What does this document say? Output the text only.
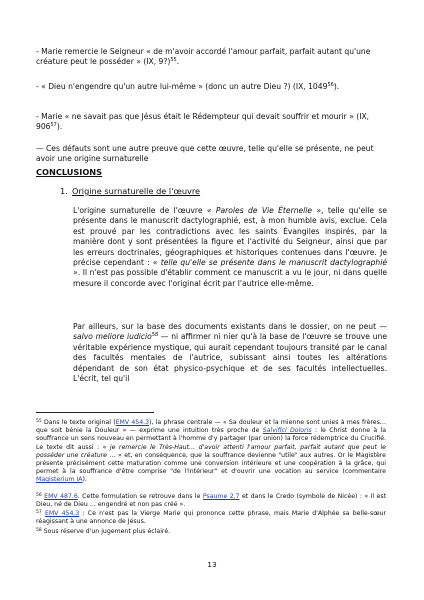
- Marie remercie le Seigneur « de m'avoir accordé l'amour parfait, parfait autant qu'une créature peut le posséder » (IX, 9?)$^{55}$.

- « Dieu n'engendre qu'un autre lui-même » (donc un autre Dieu ?) (IX, 1049$^{56}$).

- Marie « ne savait pas que Jésus était le Rédempteur qui devait souffrir et mourir » (IX, $906^{57}$).

— Ces défauts sont une autre preuve que cette œuvre, telle qu'elle se présente, ne peut avoir une origine surnaturelle

CONCLUSIONS

1. Origine surnaturelle de l'œuvre

L'origine surnaturelle de l'œuvre « Paroles de Vie Éternelle », telle qu'elle se présente dans le manuscrit dactylographié, est, à mon humble avis, exclue. Cela est prouvé par les contradictions avec les saints Évangiles inspirés, par la manière dont y sont présentées la figure et l'activité du Seigneur, ainsi que par les erreurs doctrinales, géographiques et historiques contenues dans l'œuvre. Je précise cependant : « telle qu'elle se présente dans le manuscrit dactylographié ». Il n'est pas possible d'établir comment ce manuscrit a vu le jour, ni dans quelle mesure il concorde avec l'original écrit par l'autrice elle-même.

Par ailleurs, sur la base des documents existants dans le dossier, on ne peut — salvo meliore iudicio$^{58}$ — ni affirmer ni nier qu'à la base de l'œuvre se trouve une véritable expérience mystique, qui aurait cependant toujours transité par le canal des facultés mentales de l'autrice, subissant ainsi toutes les altérations dépendant de son état physico-psychique et de ses facultés intellectuelles. L'écrit, tel qu'il

$^{55}$ Dans le texte original (EMV 454.3), la phrase centrale — « Sa douleur et la mienne sont unies à mes frères… que soit bénie la Douleur » — exprime une intuition très proche de Salvifici Doloris : le Christ donne à la souffrance un sens nouveau en permettant à l'homme d'y partager (par union) la force rédemptrice du Crucifié. Le texte dit aussi : « je remercie le Très-Haut… d'avoir attenti l'amour parfait, parfait autant que peut le posséder une créature … » et, en conséquence, que la souffrance devienne "utile" aux autres. Or le Magistère présente précisément cette maturation comme une conversion intérieure et une coopération à la grâce, qui permet à la souffrance d'être comprise "de l'intérieur" et d'ouvrir une vocation au service (commentaire Magisterium IA).

$^{56}$ EMV 487.6. Cette formulation se retrouve dans le Psaume 2,7 et dans le Credo (symbole de Nicée) : « Il est Dieu, né de Dieu … engendré et non pas créé ».

$^{57}$ EMV 454.3 : Ce n'est pas la Vierge Marie qui prononce cette phrase, mais Marie d'Alphée sa belle-sœur réagissant à une annonce de Jésus.

$^{58}$ Sous réserve d'un jugement plus éclairé.

13
